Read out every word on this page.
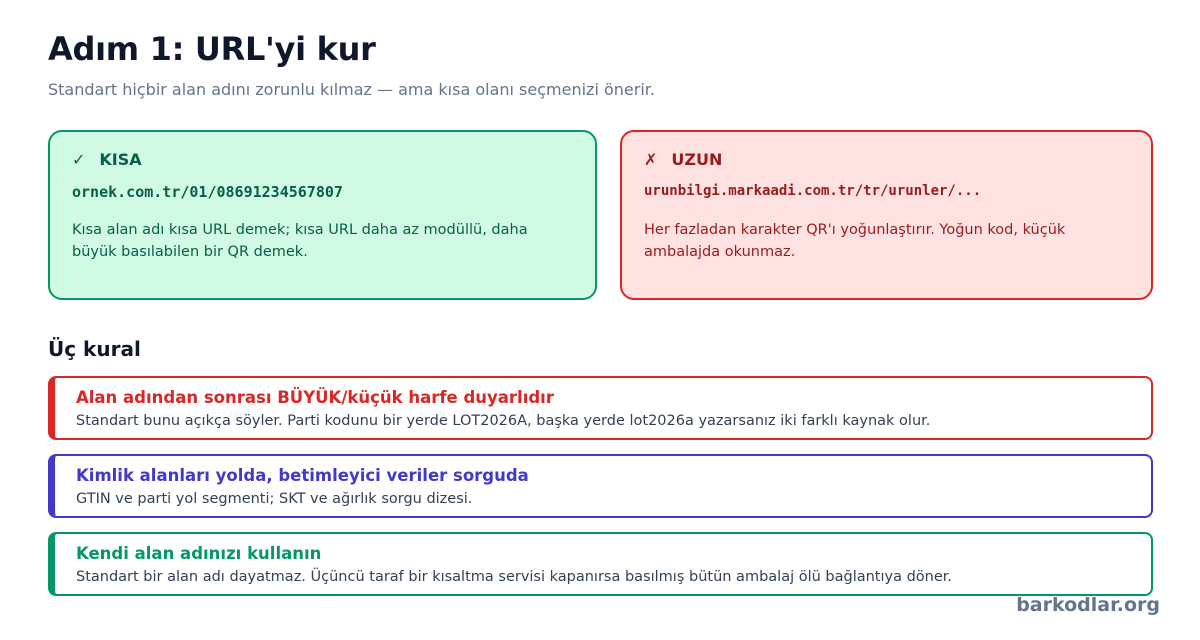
Adım 1: URL'yi kur

Standart hiçbir alan adını zorunlu kılmaz — ama kısa olanı seçmenizi önerir.

✓ KISA
ornek.com.tr/01/08691234567807

Kısa alan adı kısa URL demek; kısa URL daha az modüllü, daha büyük basılabilen bir QR demek.

✗ UZUN
urunbilgi.markaadi.com.tr/tr/urunler/...

Her fazladan karakter QR'ı yoğunlaştırır. Yoğun kod, küçük ambalajda okunmaz.

Üç kural
Alan adından sonrası BÜYÜK/küçük harfe duyarlıdır
Standart bunu açıkça söyler. Parti kodunu bir yerde LOT2026A, başka yerde lot2026a yazarsanız iki farklı kaynak olur.
Kimlik alanları yolda, betimleyici veriler sorguda
GTIN ve parti yol segmenti; SKT ve ağırlık sorgu dizesi.
Kendi alan adınızı kullanın
Standart bir alan adı dayatmaz. Üçüncü taraf bir kısaltma servisi kapanırsa basılmış bütün ambalaj ölü bağlantıya döner.
barkodlar.org
